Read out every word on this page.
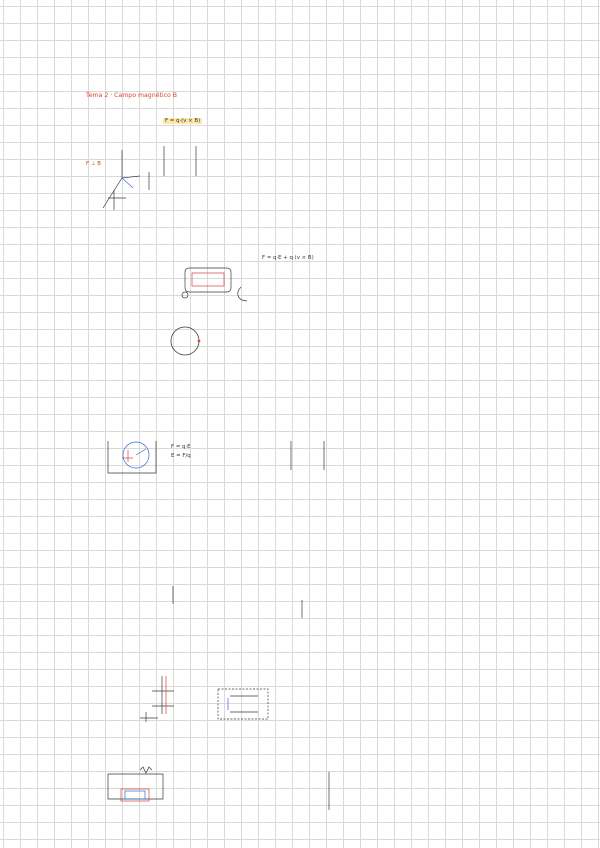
Tema 2 · Campo magnético B
F ⊥ B
F = q·(v × B)
F = q·E + q·(v × B)
F = q·E
E = F/q
